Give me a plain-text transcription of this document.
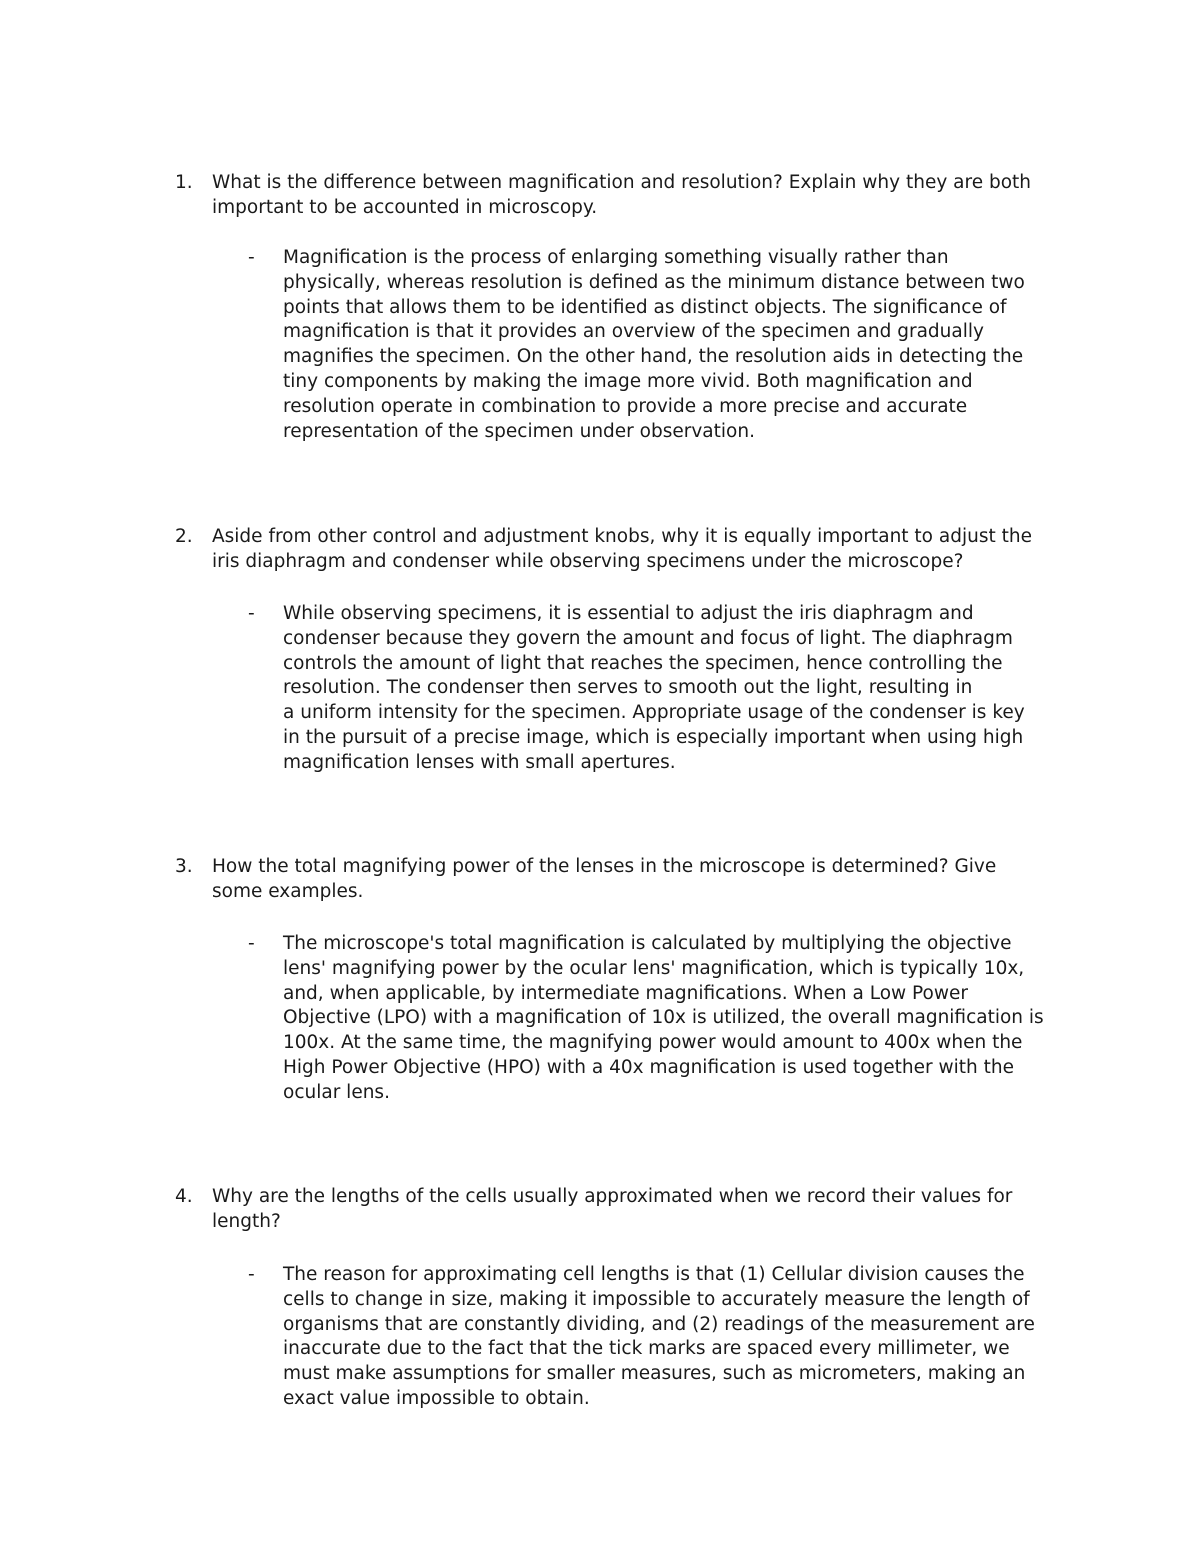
1. What is the difference between magnification and resolution? Explain why they are both
important to be accounted in microscopy.
- Magnification is the process of enlarging something visually rather than
physically, whereas resolution is defined as the minimum distance between two
points that allows them to be identified as distinct objects. The significance of
magnification is that it provides an overview of the specimen and gradually
magnifies the specimen. On the other hand, the resolution aids in detecting the
tiny components by making the image more vivid. Both magnification and
resolution operate in combination to provide a more precise and accurate
representation of the specimen under observation.
2. Aside from other control and adjustment knobs, why it is equally important to adjust the
iris diaphragm and condenser while observing specimens under the microscope?
- While observing specimens, it is essential to adjust the iris diaphragm and
condenser because they govern the amount and focus of light. The diaphragm
controls the amount of light that reaches the specimen, hence controlling the
resolution. The condenser then serves to smooth out the light, resulting in
a uniform intensity for the specimen. Appropriate usage of the condenser is key
in the pursuit of a precise image, which is especially important when using high
magnification lenses with small apertures.
3. How the total magnifying power of the lenses in the microscope is determined? Give
some examples.
- The microscope's total magnification is calculated by multiplying the objective
lens' magnifying power by the ocular lens' magnification, which is typically 10x,
and, when applicable, by intermediate magnifications. When a Low Power
Objective (LPO) with a magnification of 10x is utilized, the overall magnification is
100x. At the same time, the magnifying power would amount to 400x when the
High Power Objective (HPO) with a 40x magnification is used together with the
ocular lens.
4. Why are the lengths of the cells usually approximated when we record their values for
length?
- The reason for approximating cell lengths is that (1) Cellular division causes the
cells to change in size, making it impossible to accurately measure the length of
organisms that are constantly dividing, and (2) readings of the measurement are
inaccurate due to the fact that the tick marks are spaced every millimeter, we
must make assumptions for smaller measures, such as micrometers, making an
exact value impossible to obtain.
